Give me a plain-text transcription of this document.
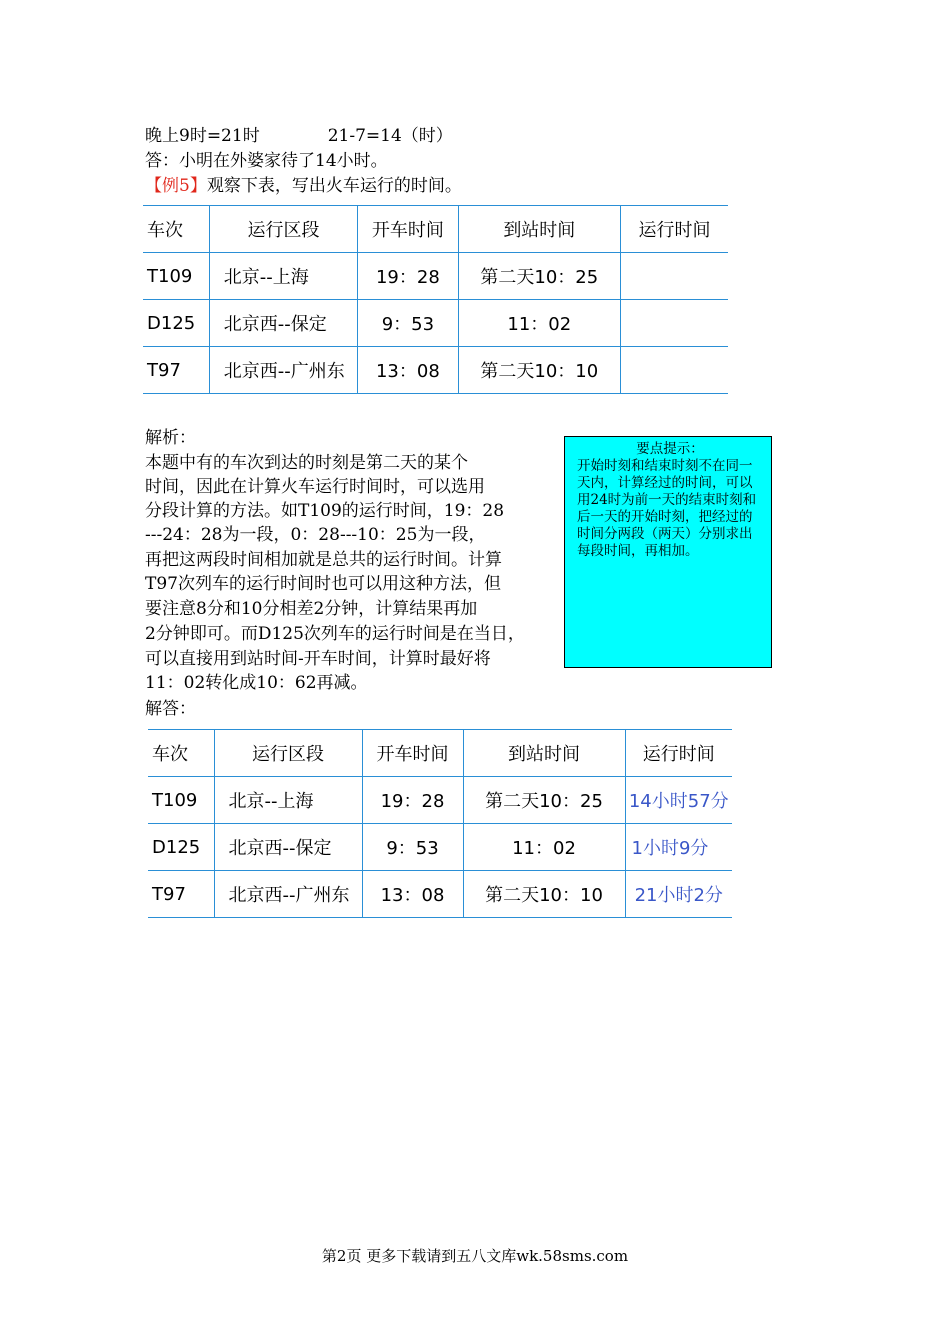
晚上9时=21时	21-7=14（时）
答：小明在外婆家待了14小时。
【例5】观察下表，写出火车运行的时间。
车次	运行区段	开车时间	到站时间	运行时间
T109	北京--上海	19：28	第二天10：25	
D125	北京西--保定	9：53	11：02	
T97	北京西--广州东	13：08	第二天10：10	
解析：
本题中有的车次到达的时刻是第二天的某个
时间，因此在计算火车运行时间时，可以选用
分段计算的方法。如T109的运行时间，19：28
---24：28为一段，0：28---10：25为一段，
再把这两段时间相加就是总共的运行时间。计算
T97次列车的运行时间时也可以用这种方法，但
要注意8分和10分相差2分钟，计算结果再加
2分钟即可。而D125次列车的运行时间是在当日，
可以直接用到站时间-开车时间，计算时最好将
11：02转化成10：62再减。
解答：
要点提示：
开始时刻和结束时刻不在同一天内，计算经过的时间，可以用24时为前一天的结束时刻和后一天的开始时刻，把经过的时间分两段（两天）分别求出每段时间，再相加。
车次	运行区段	开车时间	到站时间	运行时间
T109	北京--上海	19：28	第二天10：25	14小时57分
D125	北京西--保定	9：53	11：02	1小时9分
T97	北京西--广州东	13：08	第二天10：10	21小时2分
第2页 更多下载请到五八文库wk.58sms.com
